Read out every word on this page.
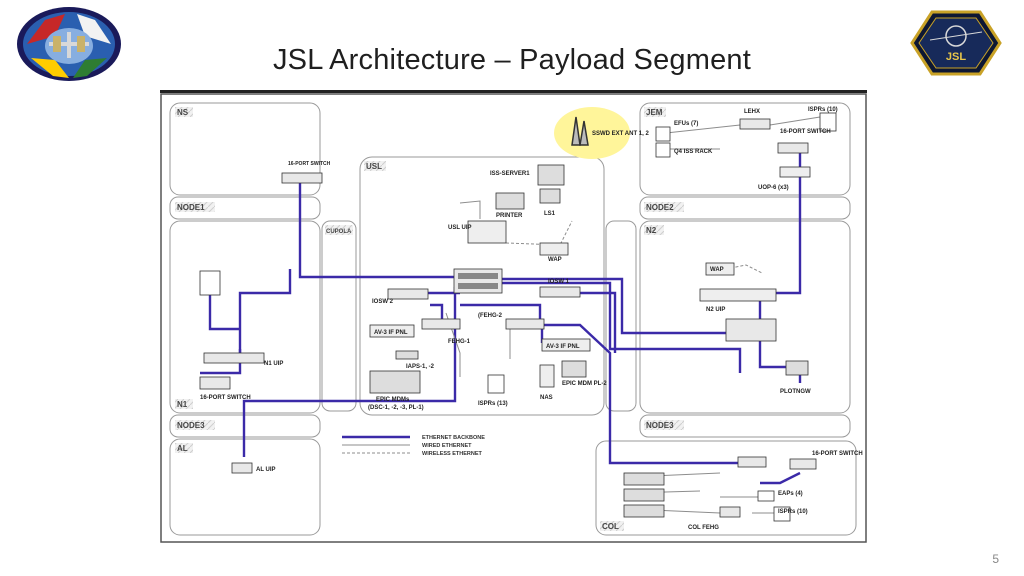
JSL Architecture – Payload Segment	JSL
NS
NODE1
N1
NODE3
AL
CUPOLA
USL
JEM
NODE2
N2
NODE3
COL
SSWD EXT ANT 1, 2
16-PORT SWITCH
ISS-SERVER1
LS1
PRINTER
USL UIP
WAP
IOSW 2
IOSW 1
(FEHG-2
FEHG-1
AV-3 IF PNL
AV-3 IF PNL
IAPS-1, -2
EPIC MDMs
(DSC-1, -2, -3, PL-1)
EPIC MDM PL-2
NAS
ISPRs (13)
LEHX	ISPRs (10)
EFUs (7)
Q4 ISS RACK
16-PORT SWITCH
UOP-6 (x3)
N1 UIP
16-PORT SWITCH
AL UIP
WAP
N2 UIP
PLOTNGW
16-PORT SWITCH
EAPs (4)
ISPRs (10)
COL FEHG
ETHERNET BACKBONE
WIRED ETHERNET
WIRELESS ETHERNET
5
